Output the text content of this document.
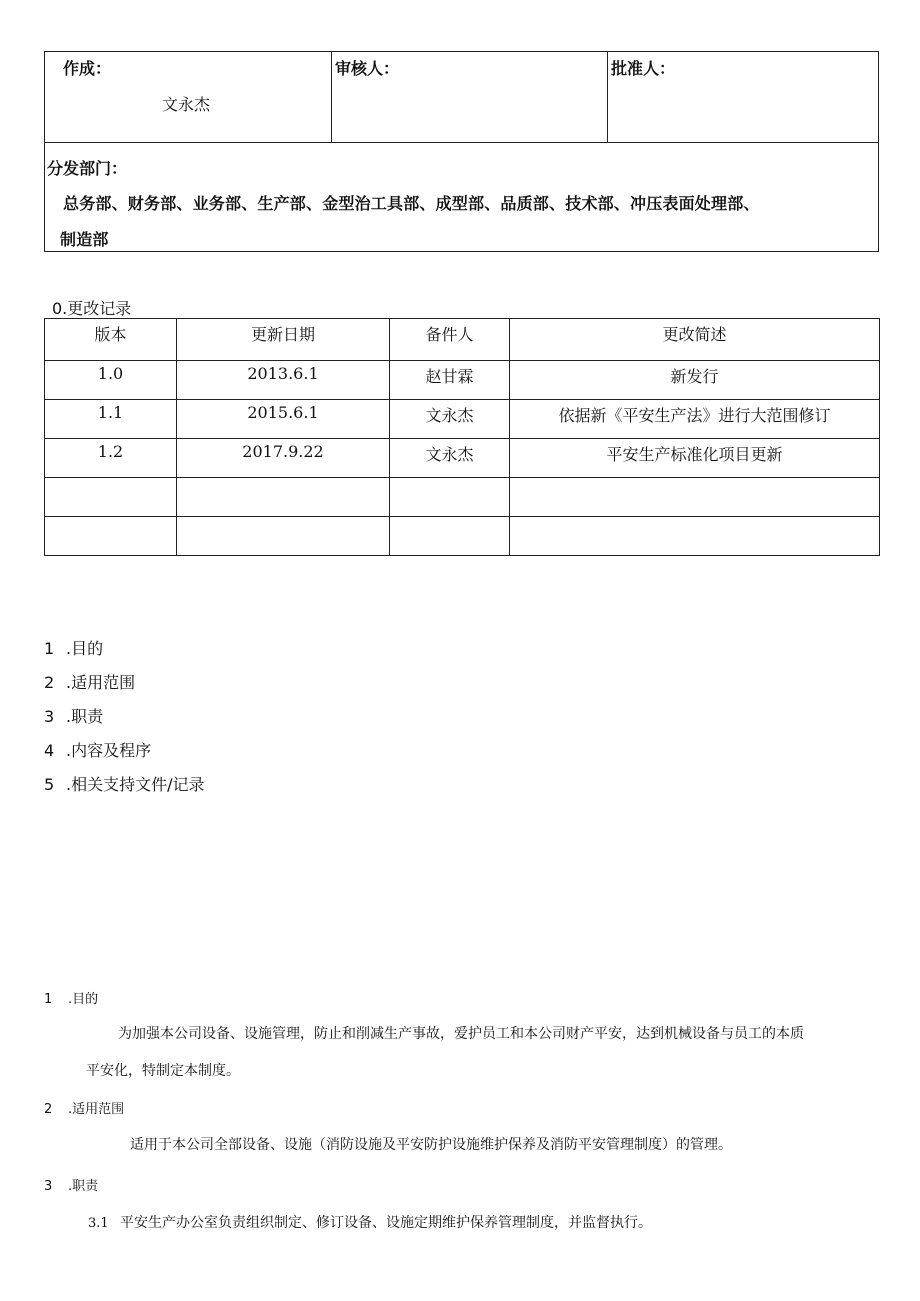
作成：
文永杰
审核人：	批准人：
分发部门：
总务部、财务部、业务部、生产部、金型治工具部、成型部、品质部、技术部、冲压表面处理部、
制造部
0.更改记录
版本	更新日期	备件人	更改简述
1.0	2013.6.1	赵甘霖	新发行
1.1	2015.6.1	文永杰	依据新《平安生产法》进行大范围修订
1.2	2017.9.22	文永杰	平安生产标准化项目更新

1 .目的
2 .适用范围
3 .职责
4 .内容及程序
5 .相关支持文件/记录
1 .目的
为加强本公司设备、设施管理，防止和削减生产事故，爱护员工和本公司财产平安，达到机械设备与员工的本质
平安化，特制定本制度。
2 .适用范围
适用于本公司全部设备、设施（消防设施及平安防护设施维护保养及消防平安管理制度）的管理。
3 .职责
3.1 平安生产办公室负责组织制定、修订设备、设施定期维护保养管理制度，并监督执行。
